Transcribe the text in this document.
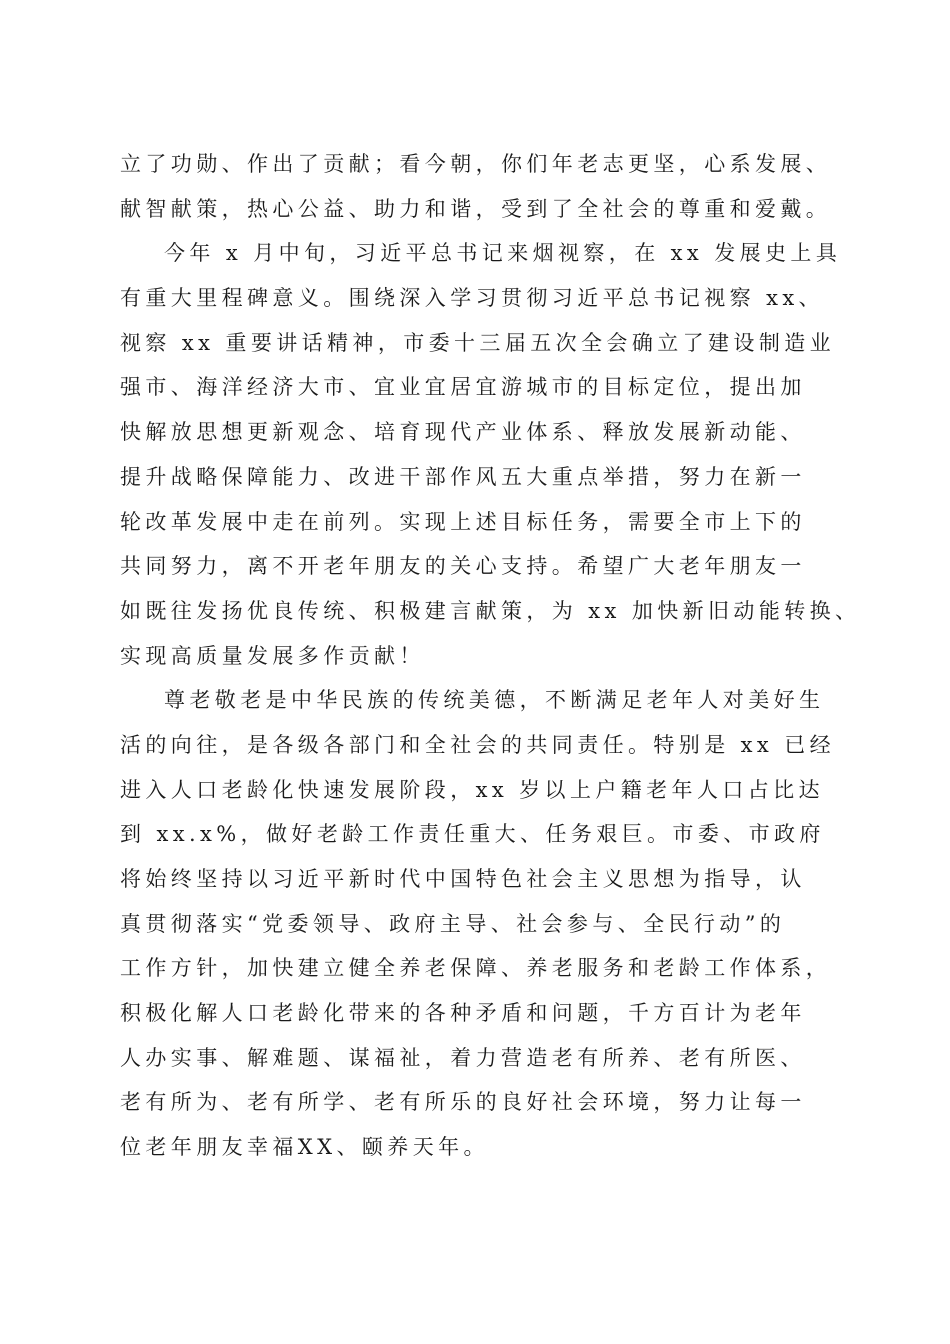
立了功勋、作出了贡献；看今朝，你们年老志更坚，心系发展、
献智献策，热心公益、助力和谐，受到了全社会的尊重和爱戴。
今年 x 月中旬，习近平总书记来烟视察，在 xx 发展史上具
有重大里程碑意义。围绕深入学习贯彻习近平总书记视察 xx、
视察 xx 重要讲话精神，市委十三届五次全会确立了建设制造业
强市、海洋经济大市、宜业宜居宜游城市的目标定位，提出加
快解放思想更新观念、培育现代产业体系、释放发展新动能、
提升战略保障能力、改进干部作风五大重点举措，努力在新一
轮改革发展中走在前列。实现上述目标任务，需要全市上下的
共同努力，离不开老年朋友的关心支持。希望广大老年朋友一
如既往发扬优良传统、积极建言献策，为 xx 加快新旧动能转换、
实现高质量发展多作贡献！
尊老敬老是中华民族的传统美德，不断满足老年人对美好生
活的向往，是各级各部门和全社会的共同责任。特别是 xx 已经
进入人口老龄化快速发展阶段，xx 岁以上户籍老年人口占比达
到 xx.x%，做好老龄工作责任重大、任务艰巨。市委、市政府
将始终坚持以习近平新时代中国特色社会主义思想为指导，认
真贯彻落实“党委领导、政府主导、社会参与、全民行动”的
工作方针，加快建立健全养老保障、养老服务和老龄工作体系，
积极化解人口老龄化带来的各种矛盾和问题，千方百计为老年
人办实事、解难题、谋福祉，着力营造老有所养、老有所医、
老有所为、老有所学、老有所乐的良好社会环境，努力让每一
位老年朋友幸福XX、颐养天年。
